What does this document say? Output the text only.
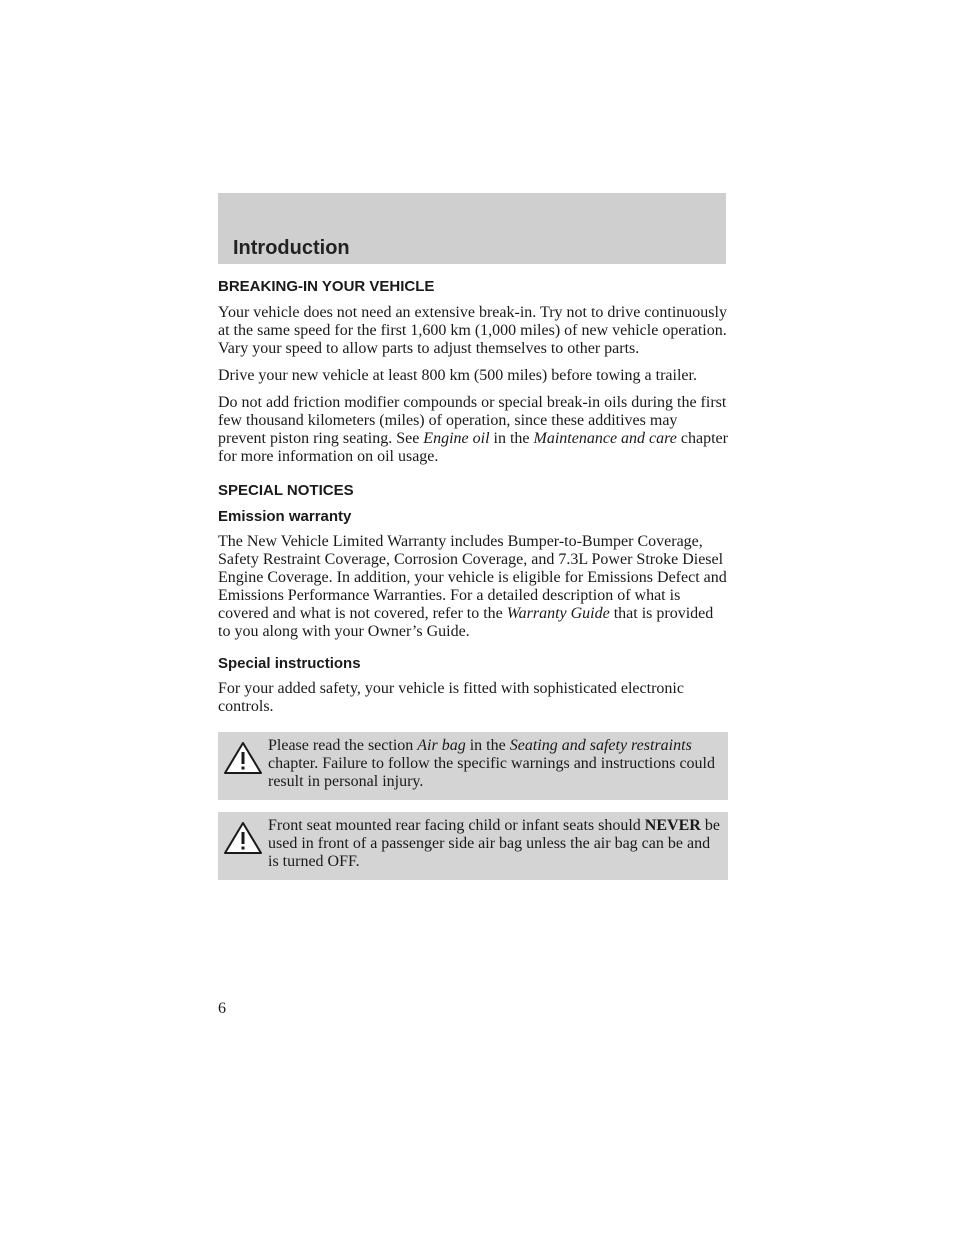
Introduction
BREAKING-IN YOUR VEHICLE

Your vehicle does not need an extensive break-in. Try not to drive continuously at the same speed for the first 1,600 km (1,000 miles) of new vehicle operation. Vary your speed to allow parts to adjust themselves to other parts.

Drive your new vehicle at least 800 km (500 miles) before towing a trailer.

Do not add friction modifier compounds or special break-in oils during the first few thousand kilometers (miles) of operation, since these additives may prevent piston ring seating. See Engine oil in the Maintenance and care chapter for more information on oil usage.

SPECIAL NOTICES
Emission warranty

The New Vehicle Limited Warranty includes Bumper-to-Bumper Coverage, Safety Restraint Coverage, Corrosion Coverage, and 7.3L Power Stroke Diesel Engine Coverage. In addition, your vehicle is eligible for Emissions Defect and Emissions Performance Warranties. For a detailed description of what is covered and what is not covered, refer to the Warranty Guide that is provided to you along with your Owner’s Guide.

Special instructions

For your added safety, your vehicle is fitted with sophisticated electronic controls.

Please read the section Air bag in the Seating and safety restraints chapter. Failure to follow the specific warnings and instructions could result in personal injury.

Front seat mounted rear facing child or infant seats should NEVER be used in front of a passenger side air bag unless the air bag can be and is turned OFF.

6
